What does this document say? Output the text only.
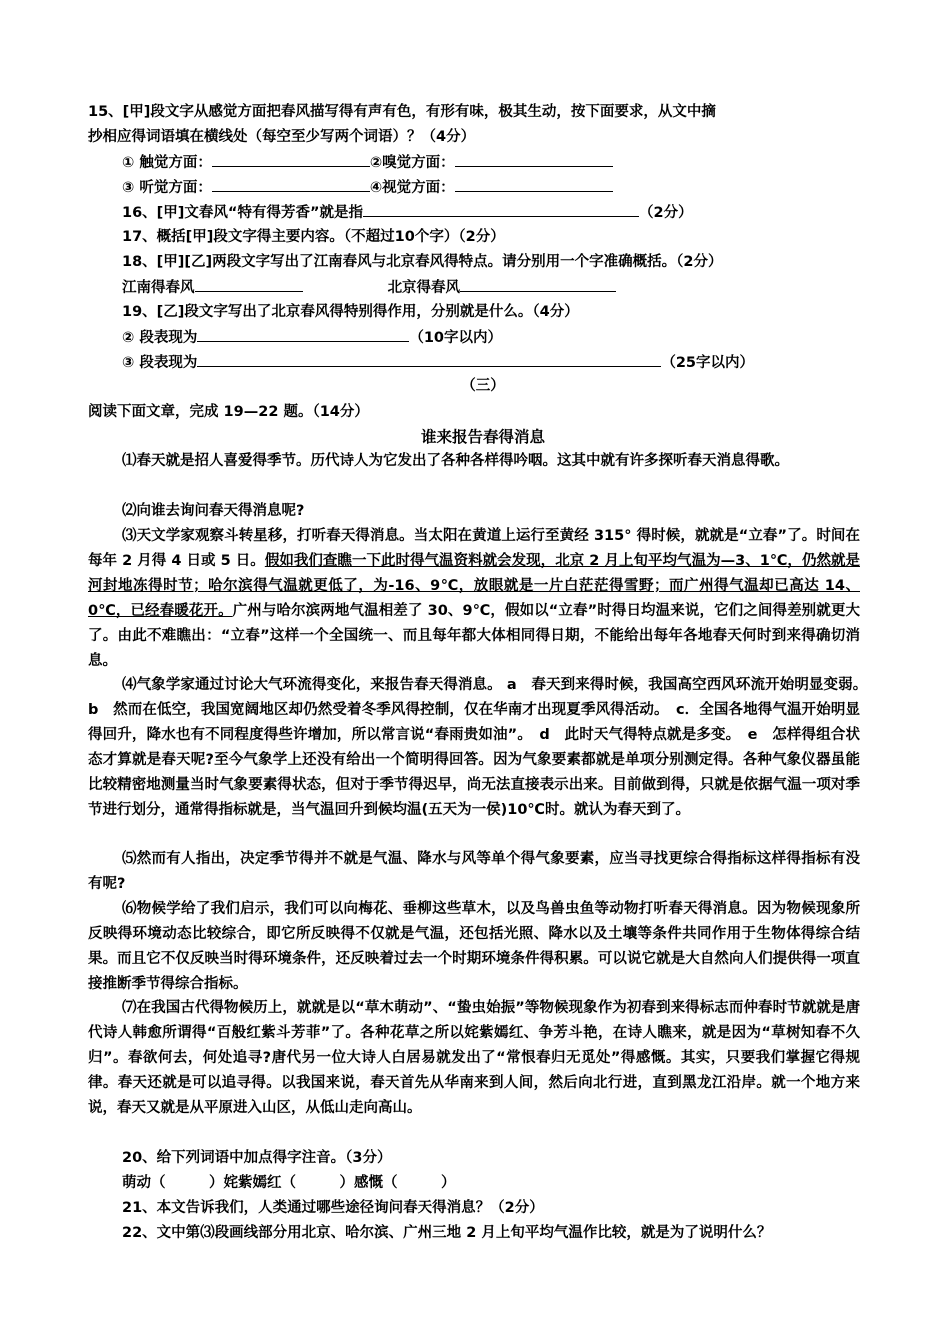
15、[甲]段文字从感觉方面把春风描写得有声有色，有形有味，极其生动，按下面要求，从文中摘
抄相应得词语填在横线处（每空至少写两个词语）？（4分）
① 触觉方面：	②嗅觉方面：
③ 听觉方面：	④视觉方面：
16、[甲]文春风“特有得芳香”就是指	（2分）
17、概括[甲]段文字得主要内容。（不超过10个字）（2分）
18、[甲][乙]两段文字写出了江南春风与北京春风得特点。请分别用一个字准确概括。（2分）
江南得春风	北京得春风
19、[乙]段文字写出了北京春风得特别得作用，分别就是什么。（4分）
② 段表现为	（10字以内）
③ 段表现为	（25字以内）
（三）
阅读下面文章，完成 19—22 题。（14分）
谁来报告春得消息
⑴春天就是招人喜爱得季节。历代诗人为它发出了各种各样得吟咽。这其中就有许多探听春天消息得歌。
⑵向谁去询问春天得消息呢?
⑶天文学家观察斗转星移，打听春天得消息。当太阳在黄道上运行至黄经 315° 得时候，就就是“立春”了。时间在每年 2 月得 4 日或 5 日。假如我们查瞧一下此时得气温资料就会发现，北京 2 月上旬平均气温为—3、1℃，仍然就是河封地冻得时节；哈尔滨得气温就更低了，为-16、9℃，放眼就是一片白茫茫得雪野；而广州得气温却已高达 14、0℃，已经春暖花开。广州与哈尔滨两地气温相差了 30、9℃，假如以“立春”时得日均温来说，它们之间得差别就更大了。由此不难瞧出：“立春”这样一个全国统一、而且每年都大体相同得日期，不能给出每年各地春天何时到来得确切消息。
⑷气象学家通过讨论大气环流得变化，来报告春天得消息。 a　春天到来得时候，我国高空西风环流开始明显变弱。　b　然而在低空，我国宽阔地区却仍然受着冬季风得控制，仅在华南才出现夏季风得活动。　c．全国各地得气温开始明显得回升，降水也有不同程度得些许增加，所以常言说“春雨贵如油”。　d　此时天气得特点就是多变。　e　怎样得组合状态才算就是春天呢?至今气象学上还没有给出一个简明得回答。因为气象要素都就是单项分别测定得。各种气象仪器虽能比较精密地测量当时气象要素得状态，但对于季节得迟早，尚无法直接表示出来。目前做到得，只就是依据气温一项对季节进行划分，通常得指标就是，当气温回升到候均温(五天为一侯)10℃时。就认为春天到了。
⑸然而有人指出，决定季节得并不就是气温、降水与风等单个得气象要素，应当寻找更综合得指标这样得指标有没有呢?
⑹物候学给了我们启示，我们可以向梅花、垂柳这些草木，以及鸟兽虫鱼等动物打听春天得消息。因为物候现象所反映得环境动态比较综合，即它所反映得不仅就是气温，还包括光照、降水以及土壤等条件共同作用于生物体得综合结果。而且它不仅反映当时得环境条件，还反映着过去一个时期环境条件得积累。可以说它就是大自然向人们提供得一项直接推断季节得综合指标。
⑺在我国古代得物候历上，就就是以“草木萌动”、“蛰虫始振”等物候现象作为初春到来得标志而仲春时节就就是唐代诗人韩愈所谓得“百般红紫斗芳菲”了。各种花草之所以姹紫嫣红、争芳斗艳，在诗人瞧来，就是因为“草树知春不久归”。春欲何去，何处追寻?唐代另一位大诗人白居易就发出了“常恨春归无觅处”得感慨。其实，只要我们掌握它得规律。春天还就是可以追寻得。以我国来说，春天首先从华南来到人间，然后向北行进，直到黑龙江沿岸。就一个地方来说，春天又就是从平原进入山区，从低山走向高山。
20、给下列词语中加点得字注音。（3分）
萌动（　　　）姹紫嫣红（　　　）感慨（　　　）
21、本文告诉我们，人类通过哪些途径询问春天得消息？（2分）
22、文中第⑶段画线部分用北京、哈尔滨、广州三地 2 月上旬平均气温作比较，就是为了说明什么？
